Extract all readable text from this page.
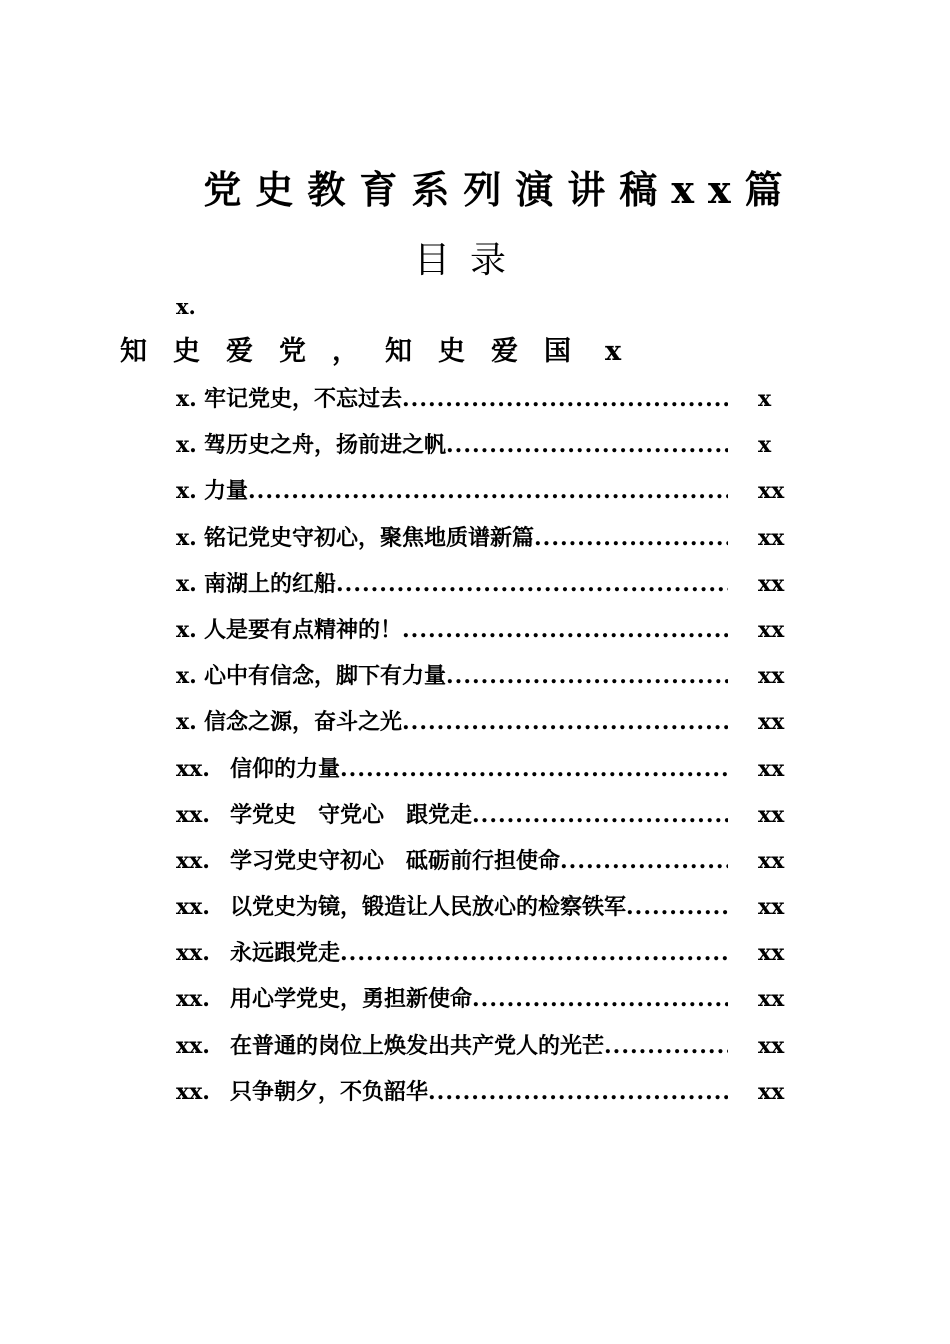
党史教育系列演讲稿xx篇
目录
x.
知史爱党，知史爱国 x
x. 牢记党史，不忘过去 .....	x
x. 驾历史之舟，扬前进之帆 .....	x
x. 力量 .....	xx
x. 铭记党史守初心，聚焦地质谱新篇 .....	xx
x. 南湖上的红船 .....	xx
x. 人是要有点精神的！ .....	xx
x. 心中有信念，脚下有力量 .....	xx
x. 信念之源，奋斗之光 .....	xx
xx. 信仰的力量 .....	xx
xx. 学党史　守党心　跟党走 .....	xx
xx. 学习党史守初心　砥砺前行担使命 .....	xx
xx. 以党史为镜，锻造让人民放心的检察铁军 .....	xx
xx. 永远跟党走 .....	xx
xx. 用心学党史，勇担新使命 .....	xx
xx. 在普通的岗位上焕发出共产党人的光芒 .....	xx
xx. 只争朝夕，不负韶华 .....	xx
